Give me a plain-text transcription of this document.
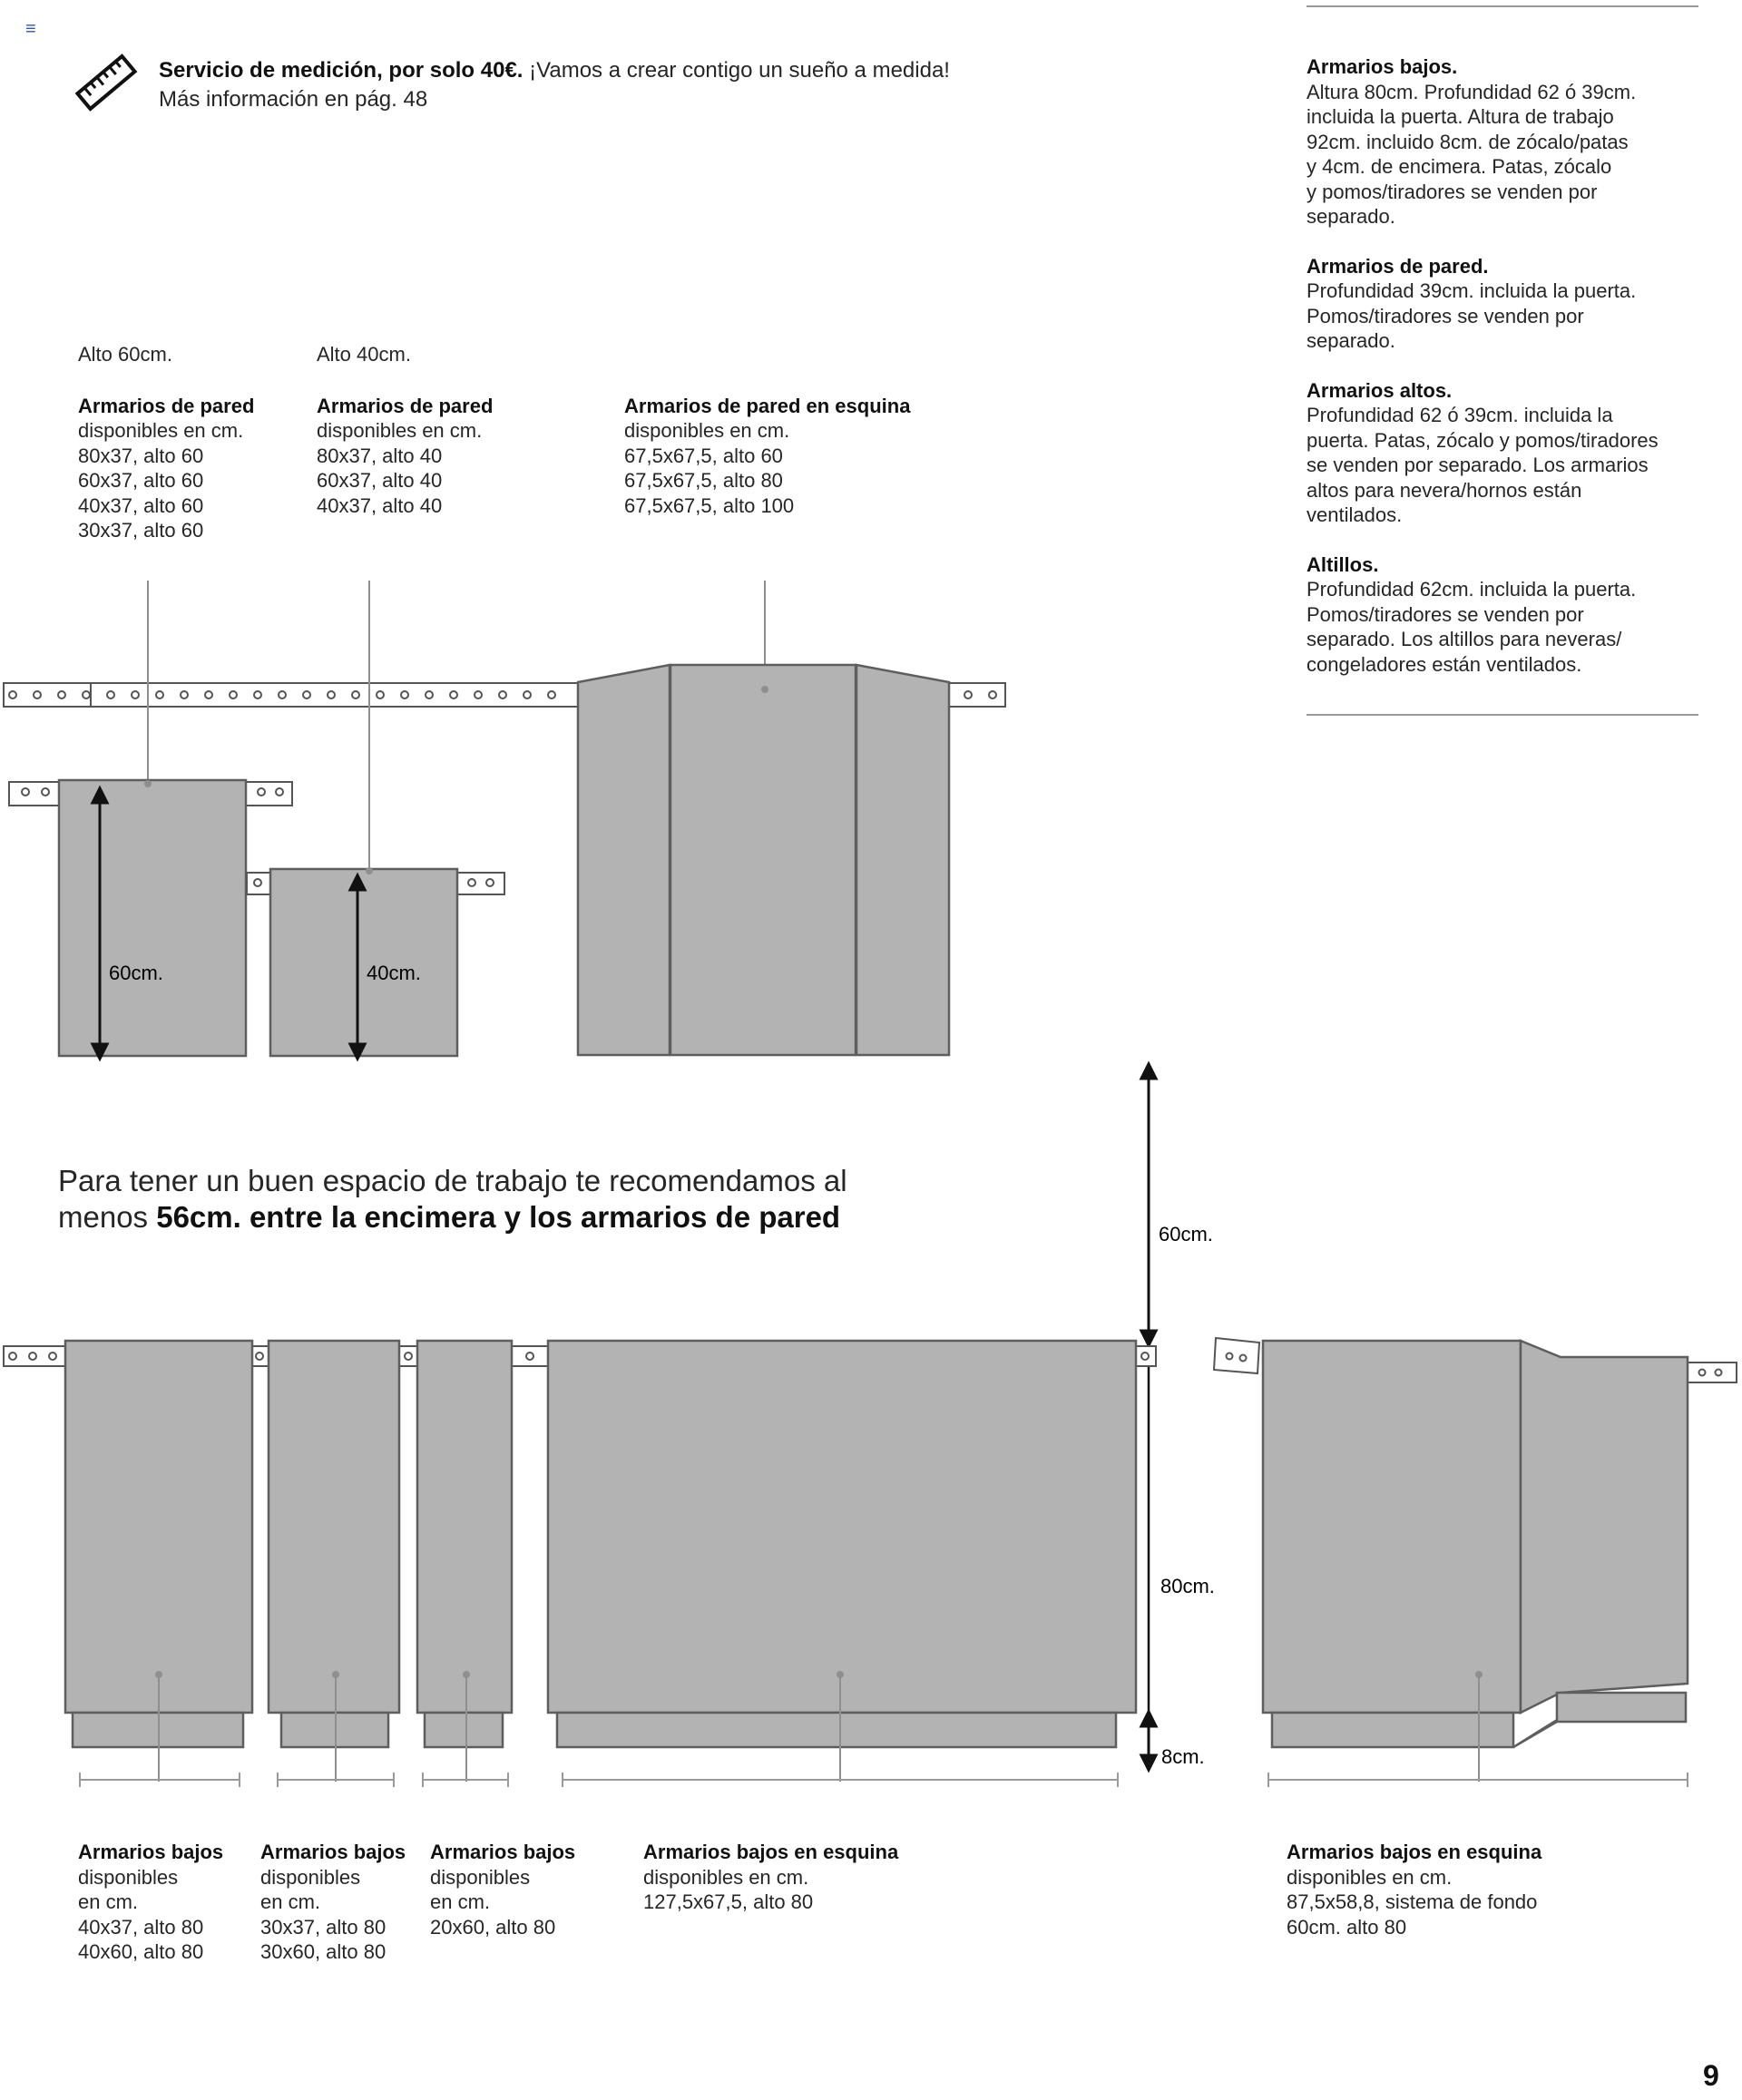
60cm.	40cm.
60cm.
80cm.
8cm.
≡
Servicio de medición, por solo 40€. ¡Vamos a crear contigo un sueño a medida!
Más información en pág. 48
Armarios bajos.
Altura 80cm. Profundidad 62 ó 39cm.
incluida la puerta. Altura de trabajo
92cm. incluido 8cm. de zócalo/patas
y 4cm. de encimera. Patas, zócalo
y pomos/tiradores se venden por
separado.
Armarios de pared.
Profundidad 39cm. incluida la puerta.
Pomos/tiradores se venden por
separado.
Armarios altos.
Profundidad 62 ó 39cm. incluida la
puerta. Patas, zócalo y pomos/tiradores
se venden por separado. Los armarios
altos para nevera/hornos están
ventilados.
Altillos.
Profundidad 62cm. incluida la puerta.
Pomos/tiradores se venden por
separado. Los altillos para neveras/
congeladores están ventilados.
Alto 60cm.
Armarios de pared
disponibles en cm.
80x37, alto 60
60x37, alto 60
40x37, alto 60
30x37, alto 60
Alto 40cm.
Armarios de pared
disponibles en cm.
80x37, alto 40
60x37, alto 40
40x37, alto 40

Armarios de pared en esquina
disponibles en cm.
67,5x67,5, alto 60
67,5x67,5, alto 80
67,5x67,5, alto 100
Para tener un buen espacio de trabajo te recomendamos al
menos 56cm. entre la encimera y los armarios de pared
Armarios bajos
disponibles
en cm.
40x37, alto 80
40x60, alto 80
Armarios bajos
disponibles
en cm.
30x37, alto 80
30x60, alto 80
Armarios bajos
disponibles
en cm.
20x60, alto 80
Armarios bajos en esquina
disponibles en cm.
127,5x67,5, alto 80
Armarios bajos en esquina
disponibles en cm.
87,5x58,8, sistema de fondo
60cm. alto 80
9
